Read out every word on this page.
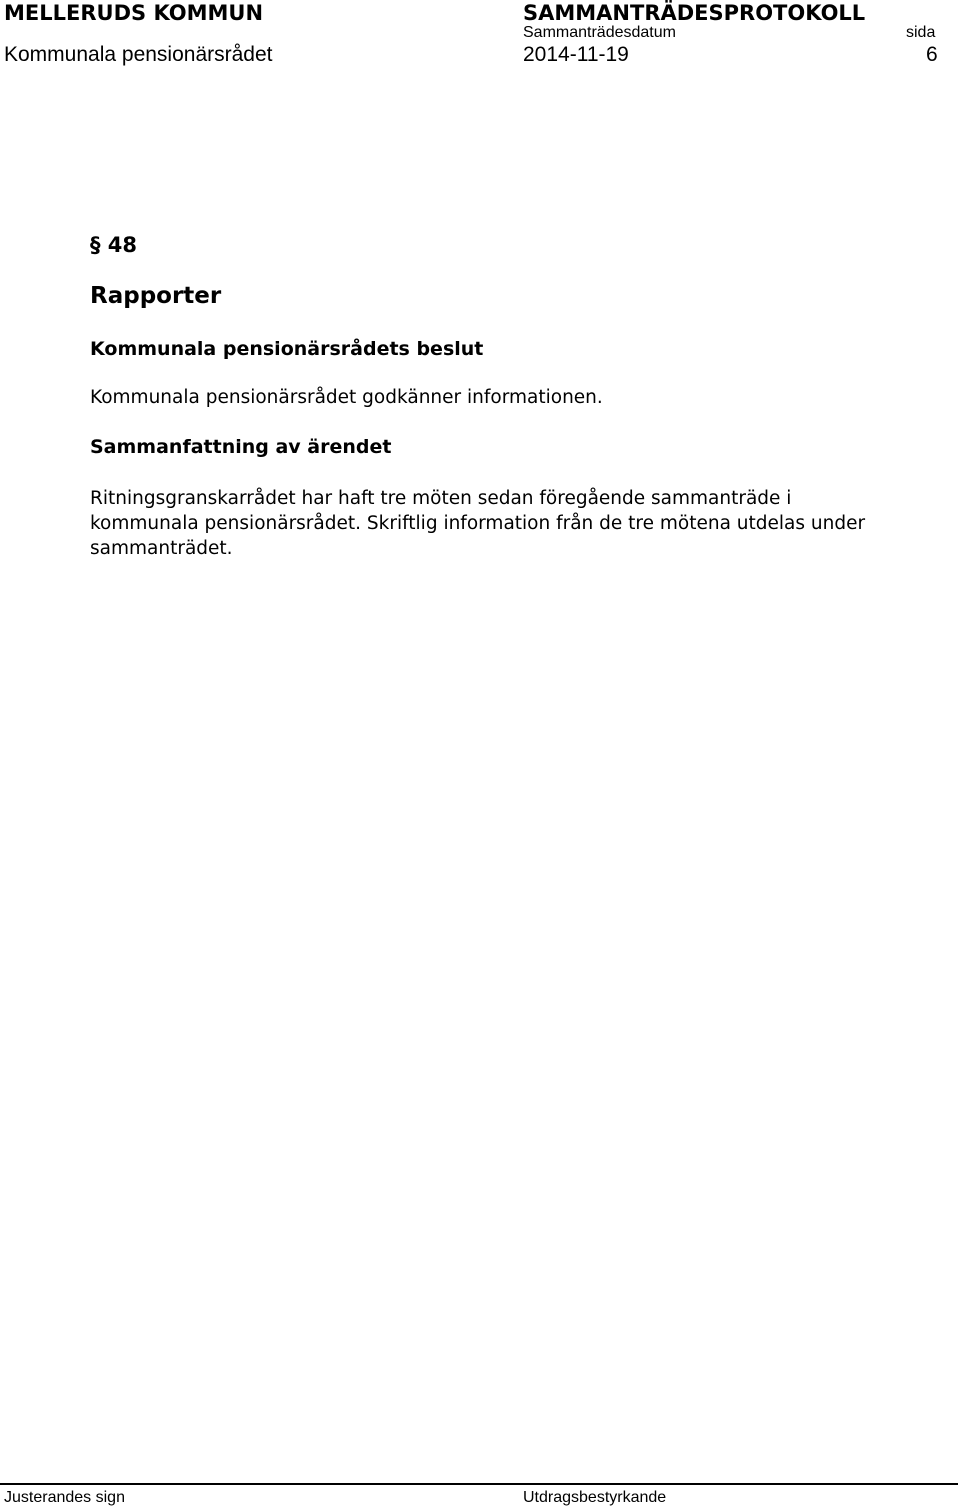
MELLERUDS KOMMUN	SAMMANTRÄDESPROTOKOLL
Sammanträdesdatum	sida
Kommunala pensionärsrådet	2014-11-19	6
§ 48
Rapporter
Kommunala pensionärsrådets beslut
Kommunala pensionärsrådet godkänner informationen.
Sammanfattning av ärendet
Ritningsgranskarrådet har haft tre möten sedan föregående sammanträde i
kommunala pensionärsrådet. Skriftlig information från de tre mötena utdelas under
sammanträdet.
Justerandes sign	Utdragsbestyrkande
